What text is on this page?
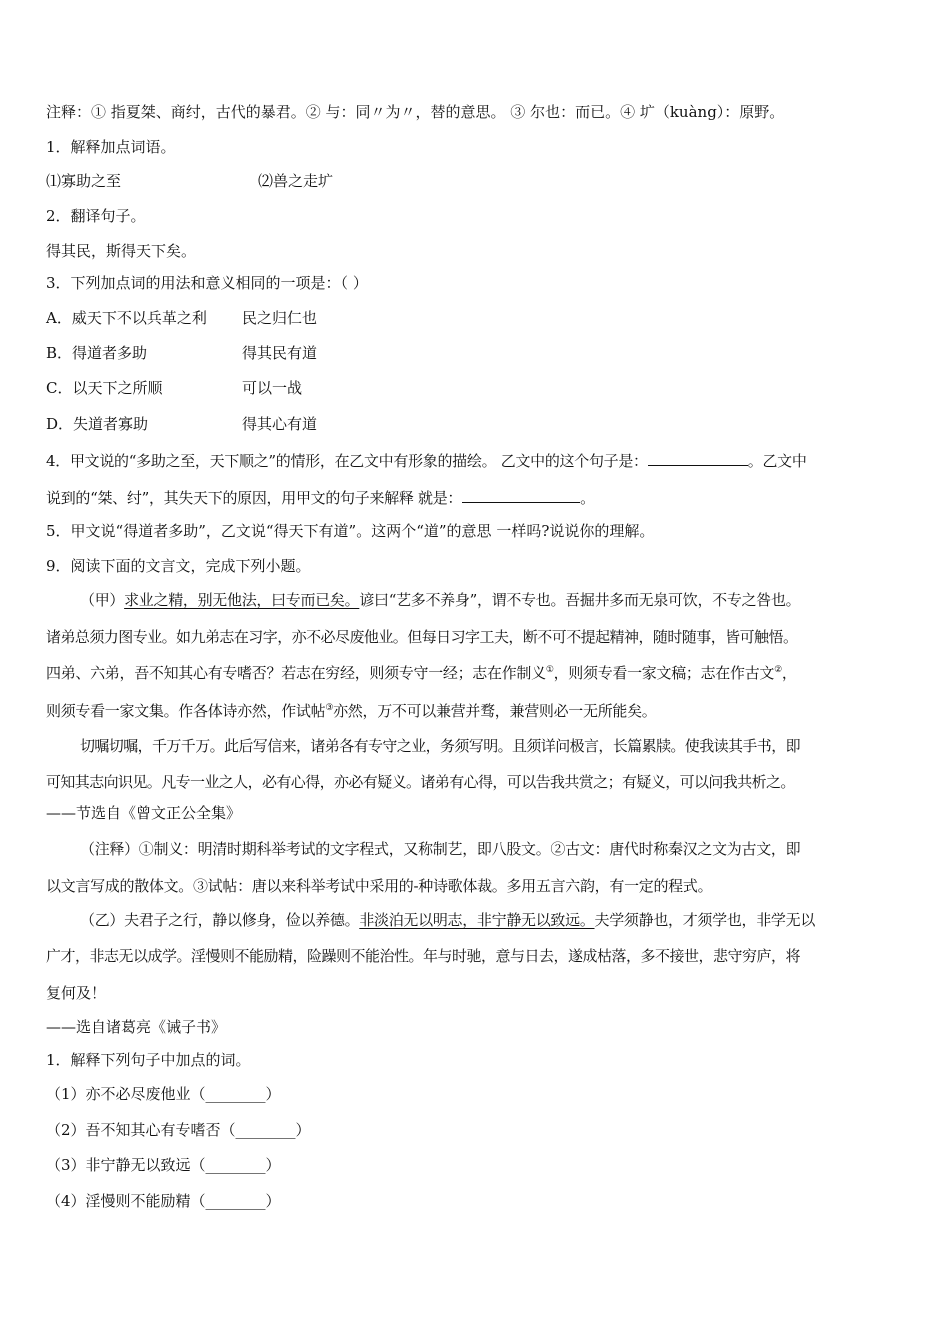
注释：① 指夏桀、商纣，古代的暴君。② 与：同〃为〃，替的意思。 ③ 尔也：而已。④ 圹（kuàng）：原野。
1．解释加点词语。
⑴寡助之至	⑵兽之走圹
2．翻译句子。
得其民，斯得天下矣。
3．下列加点词的用法和意义相同的一项是：（ ）
A．威天下不以兵革之利 民之归仁也
B．得道者多助	得其民有道
C．以天下之所顺	可以一战
D．失道者寡助	得其心有道
4．甲文说的“多助之至，天下顺之”的情形，在乙文中有形象的描绘。 乙文中的这个句子是：	。乙文中
说到的“桀、纣”，其失天下的原因，用甲文的句子来解释 就是：	。
5．甲文说“得道者多助”，乙文说“得天下有道”。这两个“道”的意思 一样吗?说说你的理解。
9．阅读下面的文言文，完成下列小题。
（甲）求业之精，别无他法，曰专而已矣。谚曰“艺多不养身”，谓不专也。吾掘井多而无泉可饮，不专之咎也。
诸弟总须力图专业。如九弟志在习字，亦不必尽废他业。但每日习字工夫，断不可不提起精神，随时随事，皆可触悟。
四弟、六弟，吾不知其心有专嗜否？若志在穷经，则须专守一经；志在作制义①，则须专看一家文稿；志在作古文②，
则须专看一家文集。作各体诗亦然，作试帖③亦然，万不可以兼营并骛，兼营则必一无所能矣。
切嘱切嘱，千万千万。此后写信来，诸弟各有专守之业，务须写明。且须详问极言，长篇累牍。使我读其手书，即
可知其志向识见。凡专一业之人，必有心得，亦必有疑义。诸弟有心得，可以告我共赏之；有疑义，可以问我共析之。
——节选自《曾文正公全集》
（注释）①制义：明清时期科举考试的文字程式，又称制艺，即八股文。②古文：唐代时称秦汉之文为古文，即
以文言写成的散体文。③试帖：唐以来科举考试中采用的-种诗歌体裁。多用五言六韵，有一定的程式。
（乙）夫君子之行，静以修身，俭以养德。非淡泊无以明志，非宁静无以致远。夫学须静也，才须学也，非学无以
广才，非志无以成学。淫慢则不能励精，险躁则不能治性。年与时驰，意与日去，遂成枯落，多不接世，悲守穷庐，将
复何及！
——选自诸葛亮《诫子书》
1．解释下列句子中加点的词。
（1）亦不必尽废他业（________）
（2）吾不知其心有专嗜否（________）
（3）非宁静无以致远（________）
（4）淫慢则不能励精（________）
